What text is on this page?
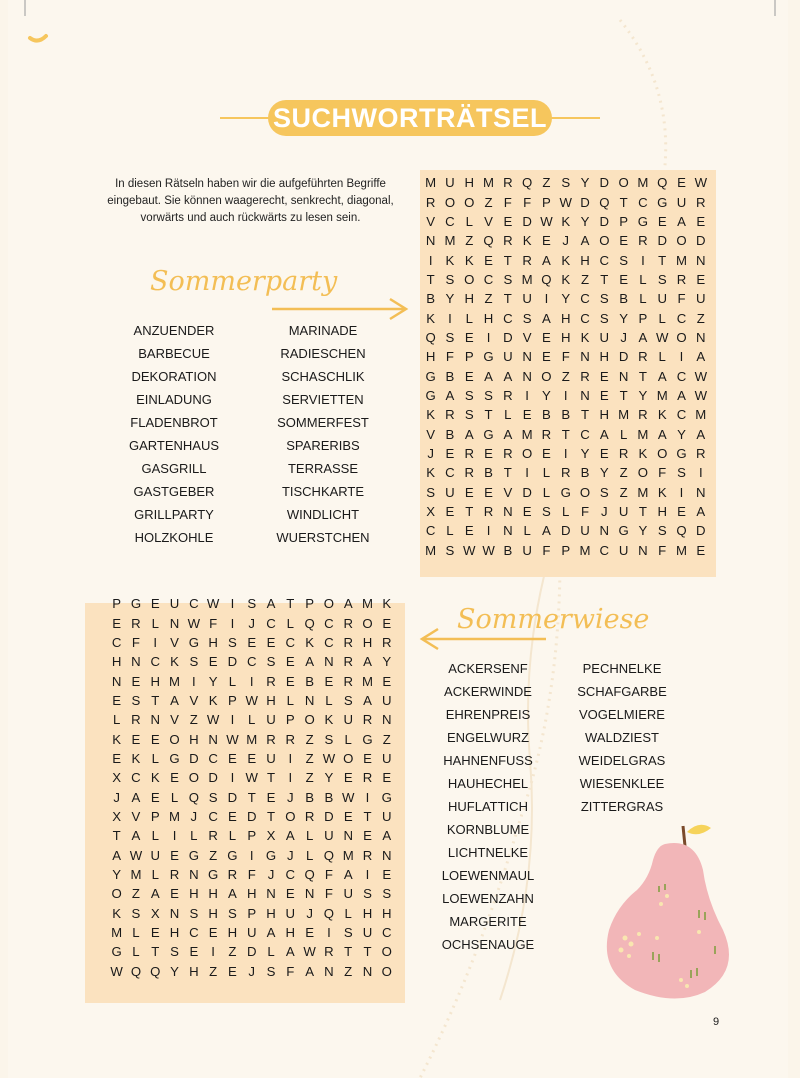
SUCHWORTRÄTSEL
In diesen Rätseln haben wir die aufgeführten Begriffe eingebaut. Sie können waagerecht, senkrecht, diagonal, vorwärts und auch rückwärts zu lesen sein.
Sommerparty
M U H M R Q Z S Y D O M Q E W
R O O Z F F P W D Q T C G U R
V C L V E D W K Y D P G E A E
N M Z Q R K E J A O E R D O D
I K K E T R A K H C S I	T M N
T S O C S M Q K Z T E L S R E
B Y H Z T U I Y C S B L U F U
K I	L H C S A H C S Y P L C Z
Q S E I D V E H K U J A W O N
H F P G U N E F N H D R L	I A
G B E A A N O Z R E N T A C W
G A S S R I Y I N E T Y M A W
K R S T L E B B T H M R K C M
V B A G A M R T C A L M A Y A
J E R E R O E I Y E R K O G R
K C R B T	I	L R B Y Z O F S I
S U E E V D L G O S Z M K I N
X E T R N E S L F J U T H E A
C L E I N L A D U N G Y S Q D
M S W W B U F P M C U N F M E
ANZUENDER
BARBECUE
DEKORATION
EINLADUNG
FLADENBROT
GARTENHAUS
GASGRILL
GASTGEBER
GRILLPARTY
HOLZKOHLE
MARINADE
RADIESCHEN
SCHASCHLIK
SERVIETTEN
SOMMERFEST
SPARERIBS
TERRASSE
TISCHKARTE
WINDLICHT
WUERSTCHEN
P G E U C W I S A T P O A M K
E R L N W F	I	J C L Q C R O E
C F	I V G H S E E C K C R H R
H N C K S E D C S E A N R A Y
N E H M I Y L	I R E B E R M E
E S T A V K P W H L N L S A U
L R N V Z W I	L U P O K U R N
K E E O H N W M R R Z S L G Z
E K L G D C E E U I	Z W O E U
X C K E O D I W T	I	Z Y E R E
J A E L Q S D T E J B B W I G
X V P M J C E D T O R D E T U
T A L	I	L R L P X A L U N E A
A W U E G Z G I G J L Q M R N
Y M L R N G R F J C Q F A I E
O Z A E H H A H N E N F U S S
K S X N S H S P H U J Q L H H
M L E H C E H U A H E I S U C
G L T S E I	Z D L A W R T T O
W Q Q Y H Z E J S F A N Z N O
Sommerwiese
ACKERSENF
ACKERWINDE
EHRENPREIS
ENGELWURZ
HAHNENFUSS
HAUHECHEL
HUFLATTICH
KORNBLUME
LICHTNELKE
LOEWENMAUL
LOEWENZAHN
MARGERITE
OCHSENAUGE
PECHNELKE
SCHAFGARBE
VOGELMIERE
WALDZIEST
WEIDELGRAS
WIESENKLEE
ZITTERGRAS
9
